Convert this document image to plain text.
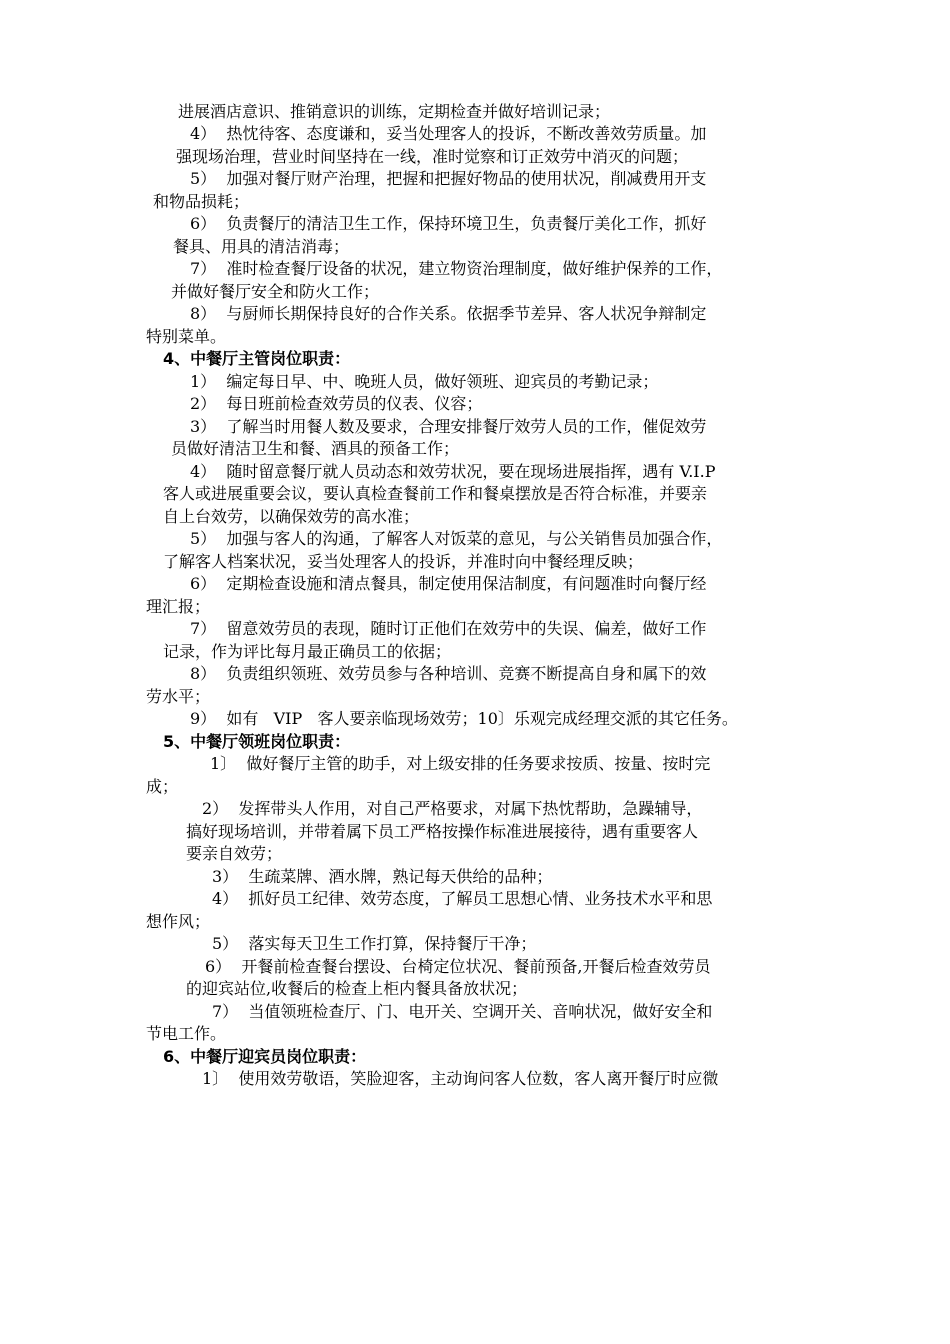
进展酒店意识、推销意识的训练，定期检查并做好培训记录；
4）  热忱待客、态度谦和，妥当处理客人的投诉，不断改善效劳质量。加
强现场治理，营业时间坚持在一线，准时觉察和订正效劳中消灭的问题；
5）  加强对餐厅财产治理，把握和把握好物品的使用状况，削减费用开支
和物品损耗；
6）  负责餐厅的清洁卫生工作，保持环境卫生，负责餐厅美化工作，抓好
餐具、用具的清洁消毒；
7）  准时检查餐厅设备的状况，建立物资治理制度，做好维护保养的工作，
并做好餐厅安全和防火工作；
8）  与厨师长期保持良好的合作关系。依据季节差异、客人状况争辩制定
特别菜单。
4、中餐厅主管岗位职责：
1）  编定每日早、中、晚班人员，做好领班、迎宾员的考勤记录；
2）  每日班前检查效劳员的仪表、仪容；
3）  了解当时用餐人数及要求，合理安排餐厅效劳人员的工作，催促效劳
员做好清洁卫生和餐、酒具的预备工作；
4）  随时留意餐厅就人员动态和效劳状况，要在现场进展指挥，遇有 V.I.P
客人或进展重要会议，要认真检查餐前工作和餐桌摆放是否符合标准，并要亲
自上台效劳，以确保效劳的高水准；
5）  加强与客人的沟通，了解客人对饭菜的意见，与公关销售员加强合作，
了解客人档案状况，妥当处理客人的投诉，并准时向中餐经理反映；
6）  定期检查设施和清点餐具，制定使用保洁制度，有问题准时向餐厅经
理汇报；
7）  留意效劳员的表现，随时订正他们在效劳中的失误、偏差，做好工作
记录，作为评比每月最正确员工的依据；
8）  负责组织领班、效劳员参与各种培训、竞赛不断提高自身和属下的效
劳水平；
9）  如有   VIP   客人要亲临现场效劳；10〕乐观完成经理交派的其它任务。
5、中餐厅领班岗位职责：
1〕  做好餐厅主管的助手，对上级安排的任务要求按质、按量、按时完
成；
2）  发挥带头人作用，对自己严格要求，对属下热忱帮助，急躁辅导，
搞好现场培训，并带着属下员工严格按操作标准进展接待，遇有重要客人
要亲自效劳；
3）  生疏菜牌、酒水牌，熟记每天供给的品种；
4）  抓好员工纪律、效劳态度，了解员工思想心情、业务技术水平和思
想作风；
5）  落实每天卫生工作打算，保持餐厅干净；
6）  开餐前检查餐台摆设、台椅定位状况、餐前预备,开餐后检查效劳员
的迎宾站位,收餐后的检查上柜内餐具备放状况；
7）  当值领班检查厅、门、电开关、空调开关、音响状况，做好安全和
节电工作。
6、中餐厅迎宾员岗位职责：
1〕  使用效劳敬语，笑脸迎客，主动询问客人位数，客人离开餐厅时应微
